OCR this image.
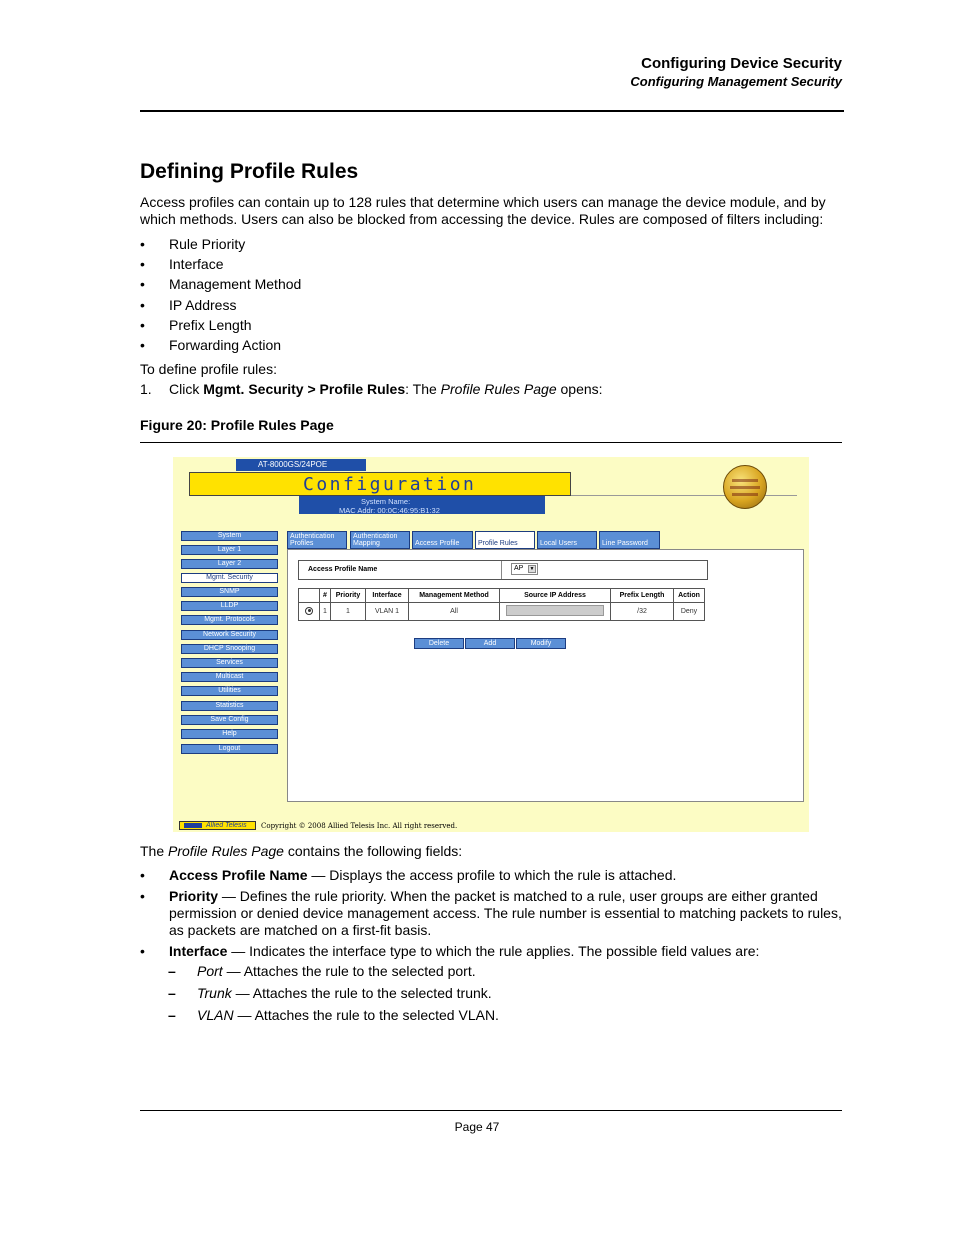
Configuring Device Security
Configuring Management Security
Defining Profile Rules
Access profiles can contain up to 128 rules that determine which users can manage the device module, and by which methods. Users can also be blocked from accessing the device. Rules are composed of filters including:
• Rule Priority
• Interface
• Management Method
• IP Address
• Prefix Length
• Forwarding Action
To define profile rules:
1. Click Mgmt. Security > Profile Rules: The Profile Rules Page opens:
Figure 20: Profile Rules Page
AT-8000GS/24POE
Configuration
System Name:
MAC Addr: 00:0C:46:95:B1:32
System
Layer 1
Layer 2
Mgmt. Security
SNMP
LLDP
Mgmt. Protocols
Network Security
DHCP Snooping
Services
Multicast
Utilities
Statistics
Save Config
Help
Logout
Authentication
Profiles
Authentication
Mapping	Access Profile	Profile Rules	Local Users	Line Password
Access Profile Name	AP	▼
	#	Priority	Interface	Management Method	Source IP Address	Prefix Length	Action
	1	1	VLAN 1	All		/32	Deny
Delete	Add	Modify
Allied Telesis	Copyright © 2008 Allied Telesis Inc. All right reserved.
The Profile Rules Page contains the following fields:
• Access Profile Name — Displays the access profile to which the rule is attached.
• Priority — Defines the rule priority. When the packet is matched to a rule, user groups are either granted permission or denied device management access. The rule number is essential to matching packets to rules, as packets are matched on a first-fit basis.
• Interface — Indicates the interface type to which the rule applies. The possible field values are:
– Port — Attaches the rule to the selected port.
– Trunk — Attaches the rule to the selected trunk.
– VLAN — Attaches the rule to the selected VLAN.
Page 47
